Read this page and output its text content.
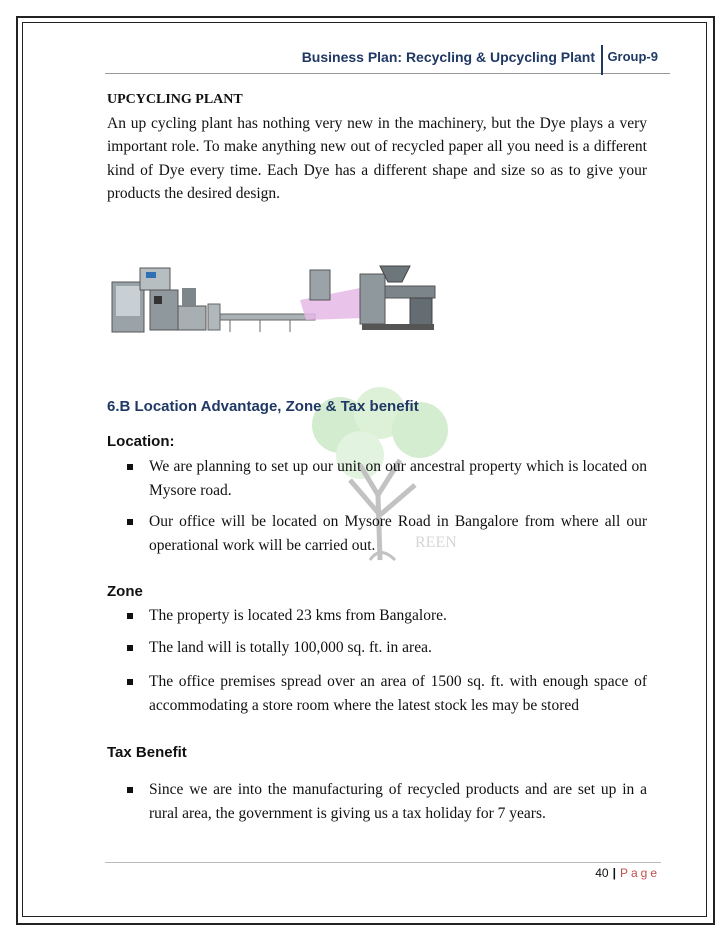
Business Plan: Recycling & Upcycling Plant Group-9
UPCYCLING PLANT
An up cycling plant has nothing very new in the machinery, but the Dye plays a very important role. To make anything new out of recycled paper all you need is a different kind of Dye every time. Each Dye has a different shape and size so as to give your products the desired design.
REEN
6.B Location Advantage, Zone & Tax benefit
Location:
We are planning to set up our unit on our ancestral property which is located on Mysore road.
Our office will be located on Mysore Road in Bangalore from where all our operational work will be carried out.
Zone
The property is located 23 kms from Bangalore.
The land will is totally 100,000 sq. ft. in area.
The office premises spread over an area of 1500 sq. ft. with enough space of accommodating a store room where the latest stock les may be stored
Tax Benefit
Since we are into the manufacturing of recycled products and are set up in a rural area, the government is giving us a tax holiday for 7 years.
40 | Page
